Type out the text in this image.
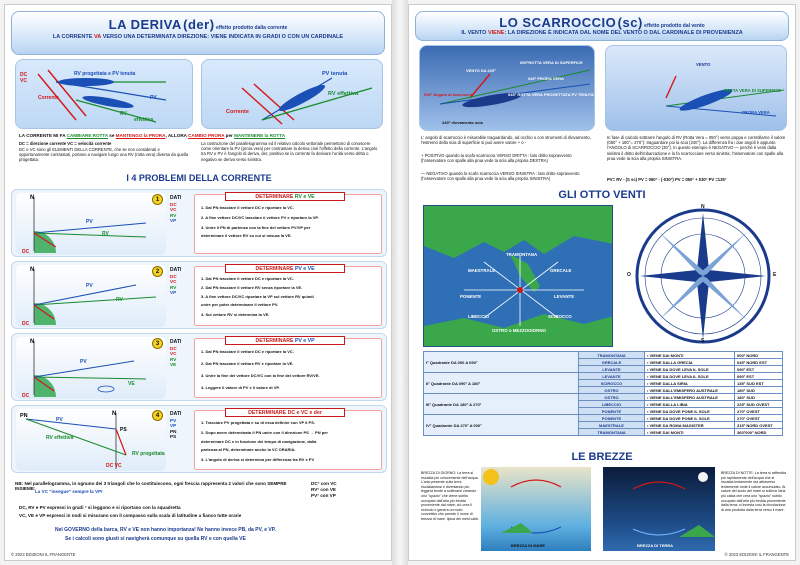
LA DERIVA (der) effetto prodotto dalla corrente
LA CORRENTE VA VERSO UNA DETERMINATA DIREZIONE: VIENE INDICATA IN GRADI O CON UN CARDINALE
DC
VC
RV progettata e PV tenuta
Corrente	PV
RV
effettiva
PV tenuta
RV effettiva
Corrente
LA CORRENTE MI FA CAMBIARE ROTTA se MANTENGO la PRORA, ALLORA CAMBIO PRORA per MANTENERE la ROTTA
DC = direzione corrente VC = velocità corrente
DC e VC sono gli ELEMENTI DELLA CORRENTE, che se non considerati e opportunamente contrastati, portano a navigare lungo una RV (rotta vera) diversa da quella progettata.
La costruzione del parallelogramma ed il relativo calcolo vettoriale permettono di conoscere come orientare la PV (prora vera) per contrastare la deriva cioè l'effetto della corrente. L'angolo tra RV e PV è l'angolo di deriva, der, positivo se la corrente fa derivare l'unità verso dritta o negativo se deriva verso sinistra.
I 4 PROBLEMI DELLA CORRENTE
N
PV
RV
DC
1	DATI
DC
VC
RV
VP
DETERMINARE RV e VE
1. Dal PN tracciare il vettore DC e riportare la VC.
2. A fine vettore DC/VC tracciare il vettore PV e riportare la VP.
3. Unire il PN di partenza con la fine del vettore PV/VP per
determinare il vettore RV su cui si misura la VE.
N
PV
RV
DC
2	DATI
DC
VC
RV
VP
DETERMINARE PV e VE
1. Dal PN tracciare il vettore DC e riportare la VC.
2. Dal PN tracciare il vettore RV senza riportare la VE.
3. A fine vettore DC/VC riportare la VP sul vettore RV quindi
unire per poter determinare il vettore PV.
4. Sul vettore RV si determina la VE.
N
PV
VE
DC
3	DATI
DC
VC
RV
VE
DETERMINARE PV e VP
1. Dal PN tracciare il vettore DC e riportare la VC.
2. Dal PN tracciare il vettore RV e riportare la VE.
3. Unire la fine del vettore DC/VC con la fine del vettore RV/VE.
4. Leggere il valore di PV e il valore di VP.
PN	N
PV
RV effettiva
PS
RV progettata
DC VC
4	DATI
PV
VP
PN
PS
DETERMINARE DC e VC e der
1. Tracciare PV progettata e su di essa definire con VP il PS.
2. Dopo avere determinato il PN unire con il direzione PS → PN per
determinare DC e in funzione del tempo di navigazione, dalla
partenza al PN, determinare anche la VC ORARIA.
3. L'angolo di deriva si determina per differenza tra RV e PV
NB: Nel parallelogramma, in ognuno dei 3 triangoli che lo costituiscono, ogni freccia rappresenta 2 valori che sono SEMPRE INSIEME:
La VC "insegue" sempre la VP!
DC° con VC
RV° con VE
PV° con VP
DC, RV e PV espressi in gradi ° si leggono e si riportano con la squadretta
VC, VE e VP espressi in nodi si misurano con il compasso sulla scala di latitudine a fianco tutte orarie
Nel GOVERNO della barca, RV e VE non hanno importanza! Ne hanno invece PB, da PV, e VP.
Se i calcoli sono giusti si navigherà comunque su quella RV e con quella VE
© 2023 EDIZIONI IL FRANGENTE
LO SCARROCCIO (sc) effetto prodotto dal vento
IL VENTO VIENE: LA DIREZIONE È INDICATA DAL NOME DEL VENTO O DAL CARDINALE DI PROVENIENZA
VENTO DA 225°
050°ROTTA VERA DI SUPERFICE
040° PRORA VERA
045° ROTTA VERA PROGETTATA PV TENUTA
030° Angolo di scarroccio
240° rilevamento scia
VENTO
ROTTA VERA DI SUPERFICE
PRORA VERA
L' angolo di scarroccio è misurabile traguardando, ad occhio o con strumenti di rilevamento, l'estremo della scia di superficie si può avere valore + o -
+ POSITIVO quando la scafo scarroccia VERSO DRITTA : lato dritto sopravvento (l'osservatore con spalle alla prua vede la scia alla propria DESTRA)
— NEGATIVO quando lo scafo scarroccia VERSO SINISTRA : lato dritto sopravvento (l'osservatore con spalle alla prua vede la scia alla propria SINISTRA)
In fase di calcolo sottrarre l'angolo di RV (Rotta Vera = 050°) verso poppa e controllarne il valore (050° + 180°= 270°): traguardare poi la scia (240°). La differenza fra i due angoli è appunto l'ANGOLO di SCARROCCIO (30°). In questo esempio è NEGATIVO — perché è venti dalla sinistra il dritto dell'imbarcazione e lo fa scarrocciare verso sinistra; l'osservatore con spalle alla prua vede la scia alla propria SINISTRA.
PV= RV - (S sc) PV = 050° - (-030°) PV = 050° + 030° PV =135°
GLI OTTO VENTI
TRAMONTANA
MAESTRALE	GRECALE
PONENTE	LEVANTE
LIBECCIO	SCIROCCO
OSTRO o MEZZOGIORNO
N
S
E
O
I° Quadrante DA 000 A 090°	TRAMONTANA	• VIENE DAI MONTI	000° NORD
	GRECALE	• VIENE DALLA GRECIA	045° NORD EST
	LEVANTE	• VIENE DA DOVE LEVA IL SOLE	090° EST
II° Quadrante DA 090° A 180°	LEVANTE	• VIENE DA DOVE LEVA IL SOLE	090° EST
	SCIROCCO	• VIENE DALLA SIRIA	135° SUD EST
	OSTRO	• VIENE DALL'EMISFERO AUSTRALE	180° SUD
III° Quadrante DA 180° A 270°	OSTRO	• VIENE DALL'EMISFERO AUSTRALE	180° SUD
	LIBECCIO	• VIENE DALLA LIBIA	225° SUD OVEST
	PONENTE	• VIENE DA DOVE PONE IL SOLE	270° OVEST
IV° Quadrante DA 270° A 000°	PONENTE	• VIENE DA DOVE PONE IL SOLE	270° OVEST
	MAESTRALE	• VIENE DA ROMA MAGISTER	315° NORD OVEST
	TRAMONTANA	• VIENE DAI MONTI	360°000° NORD
LE BREZZE
BREZZA DI GIORNO: La terra si riscalda più velocemente dell'acqua. L'aria presente sulla terra riscaldandosi e diventando più leggera tende a sollevarsi creando uno "spazio" che viene subito occupato dall'aria più fredda proveniente dal mare; ciò crea il ricircolo e genera un moto convettivo che prende il nome di brezza di mare, tipica dei mesi caldi.
BREZZA DI MARE	BREZZA DI TERRA
BREZZA DI NOTTE: La terra si raffredda più rapidamente dell'acqua che si riscalda lentamente ma attraverso lentamente cede il calore accumulato. Ai calore del suolo del mare si solleva l'aria più calda che crea uno "spazio" subito occupato dall'aria più fredda proveniente dalla terra; si innesta così la circolazione di aria prodotta dalla terra verso il mare.
© 2023 EDIZIONI IL FRANGENTE
